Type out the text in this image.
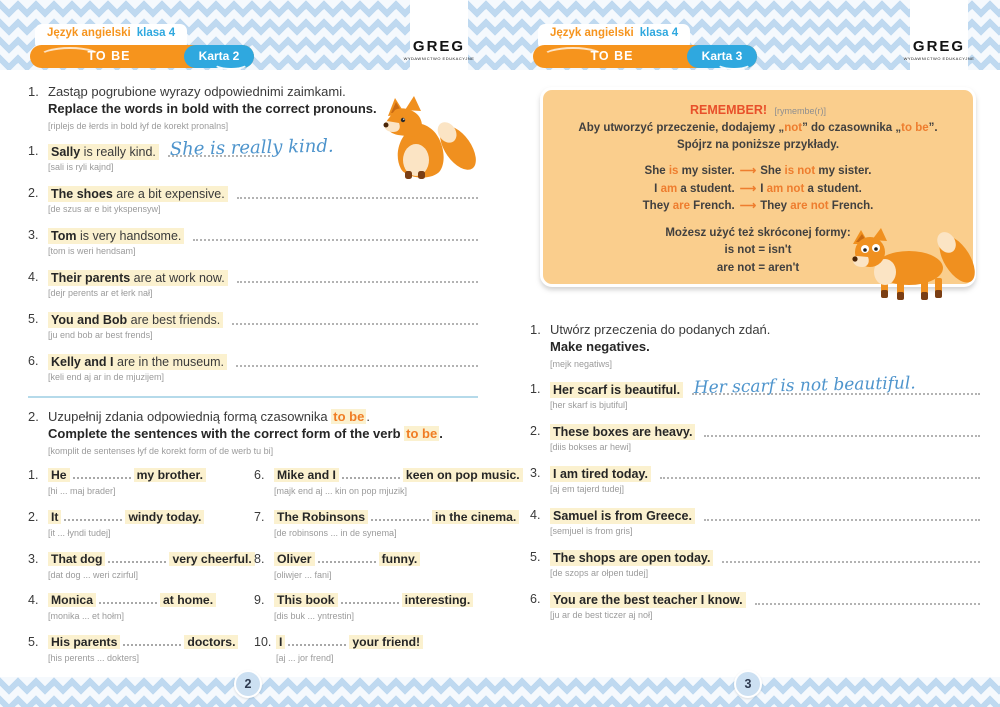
GREG
WYDAWNICTWO EDUKACYJNE
GREG
WYDAWNICTWO EDUKACYJNE
Język angielski klasa 4
TO BE	Karta 2
Język angielski klasa 4
TO BE	Karta 3
1. Zastąp pogrubione wyrazy odpowiednimi zaimkami.
Replace the words in bold with the correct pronouns.
[riplejs de łerds in bold łyf de korekt pronalns]
1.	Sally is really kind. She is really kind.
[sali is ryli kajnd]
2.	The shoes are a bit expensive.
[de szus ar e bit ykspensyw]
3.	Tom is very handsome.
[tom is weri hendsam]
4.	Their parents are at work now.
[dejr perents ar et łerk nał]
5.	You and Bob are best friends.
[ju end bob ar best frends]
6.	Kelly and I are in the museum.
[keli end aj ar in de mjuzijem]
2. Uzupełnij zdania odpowiednią formą czasownika to be .
Complete the sentences with the correct form of the verb to be .
[komplit de sentenses łyf de korekt form of de werb tu bi]
1.	He	my brother.
[hi ... maj brader]
2.	It	windy today.
[it ... łyndi tudej]
3.	That dog	very cheerful.
[dat dog ... weri czirful]
4.	Monica	at home.
[monika ... et hołm]
5.	His parents	doctors.
[his perents ... dokters]
6.	Mike and I	keen on pop music.
[majk end aj ... kin on pop mjuzik]
7.	The Robinsons	in the cinema.
[de robinsons ... in de synema]
8.	Oliver	funny.
[oliwjer ... fani]
9.	This book	interesting.
[dis buk ... yntrestin]
10. I	your friend!
[aj ... jor frend]
REMEMBER! [rymembe(r)]
Aby utworzyć przeczenie, dodajemy „not” do czasownika „to be”.
Spójrz na poniższe przykłady.
She is my sister. ⟶ She is not my sister.
I am a student. ⟶ I am not a student.
They are French. ⟶ They are not French.
Możesz użyć też skróconej formy:
is not = isn't
are not = aren't
1. Utwórz przeczenia do podanych zdań.
Make negatives.
[mejk negatiws]
1.	Her scarf is beautiful. Her scarf is not beautiful.
[her skarf is bjutiful]
2.	These boxes are heavy.
[diis bokses ar hewi]
3.	I am tired today.
[aj em tajerd tudej]
4.	Samuel is from Greece.
[semjuel is from gris]
5.	The shops are open today.
[de szops ar ołpen tudej]
6.	You are the best teacher I know.
[ju ar de best ticzer aj noł]
2	3
